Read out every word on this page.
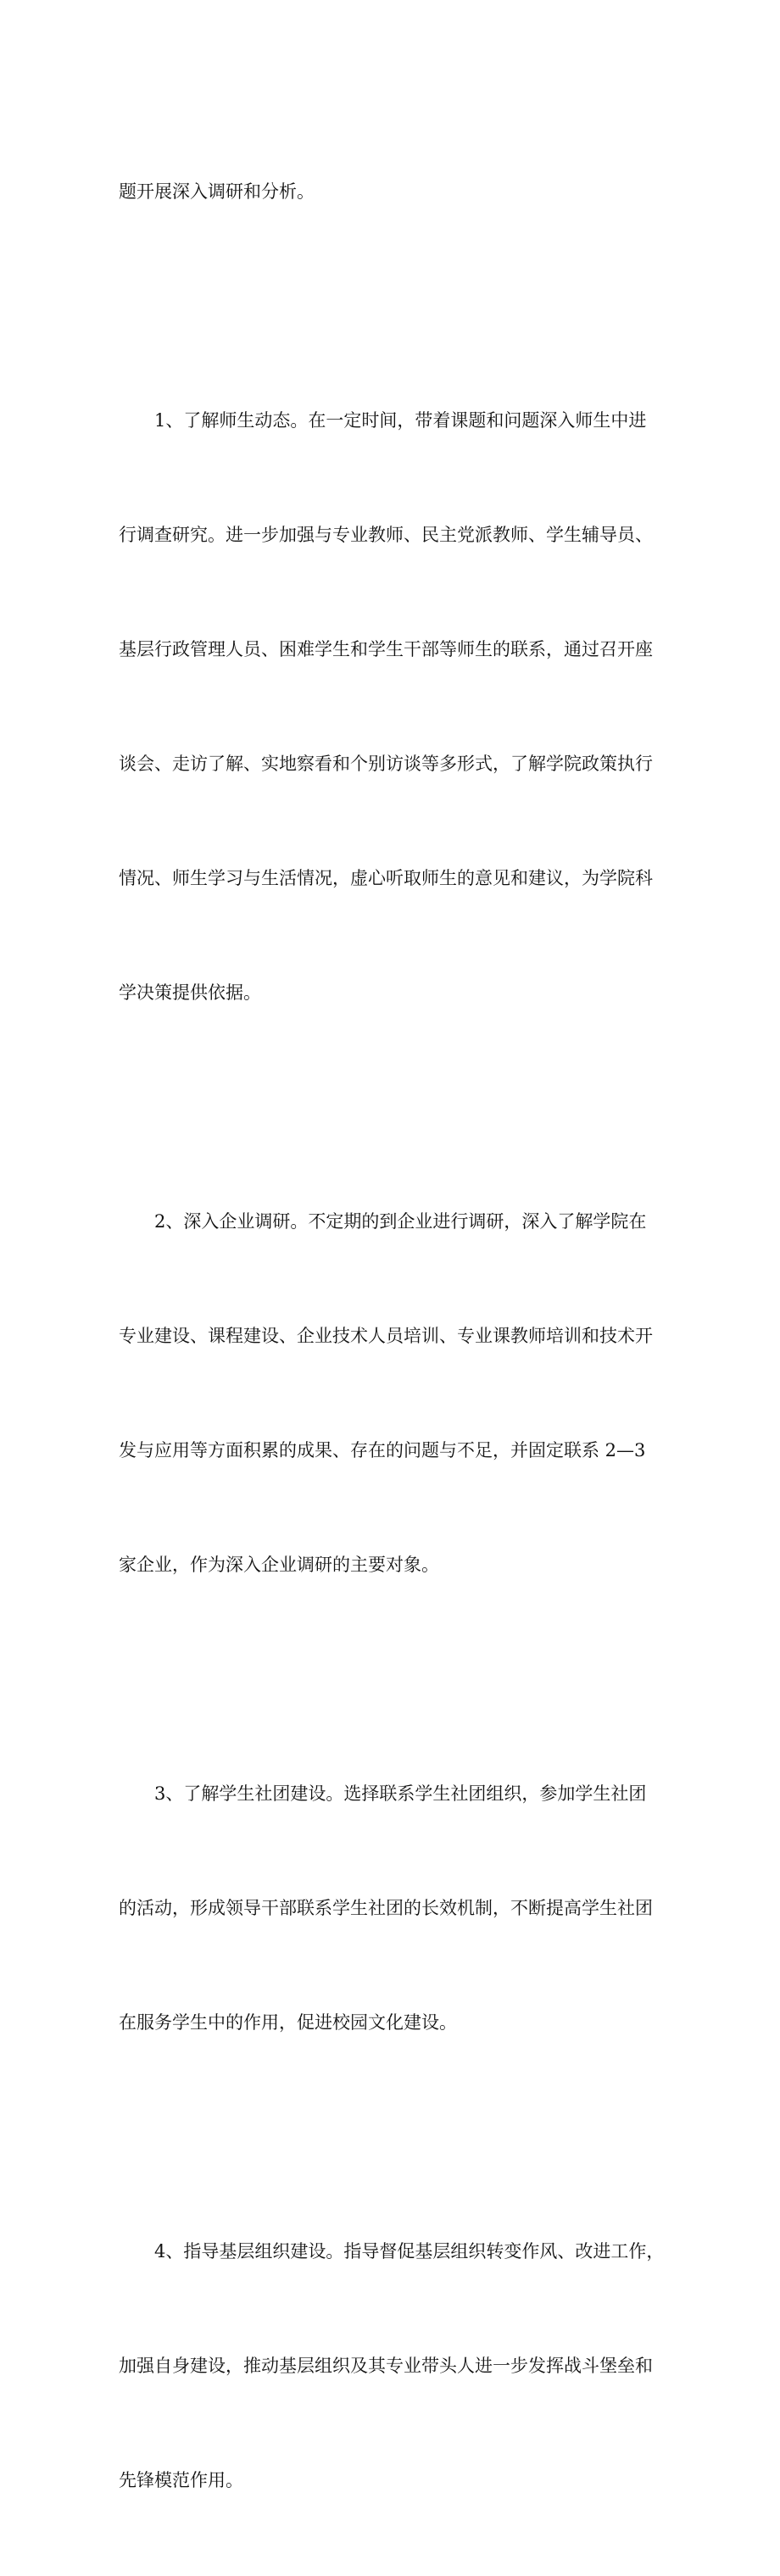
题开展深入调研和分析。

1、了解师生动态。在一定时间，带着课题和问题深入师生中进

行调查研究。进一步加强与专业教师、民主党派教师、学生辅导员、

基层行政管理人员、困难学生和学生干部等师生的联系，通过召开座

谈会、走访了解、实地察看和个别访谈等多形式，了解学院政策执行

情况、师生学习与生活情况，虚心听取师生的意见和建议，为学院科

学决策提供依据。

2、深入企业调研。不定期的到企业进行调研，深入了解学院在

专业建设、课程建设、企业技术人员培训、专业课教师培训和技术开

发与应用等方面积累的成果、存在的问题与不足，并固定联系 2—3

家企业，作为深入企业调研的主要对象。

3、了解学生社团建设。选择联系学生社团组织，参加学生社团

的活动，形成领导干部联系学生社团的长效机制，不断提高学生社团

在服务学生中的作用，促进校园文化建设。

4、指导基层组织建设。指导督促基层组织转变作风、改进工作，

加强自身建设，推动基层组织及其专业带头人进一步发挥战斗堡垒和

先锋模范作用。
